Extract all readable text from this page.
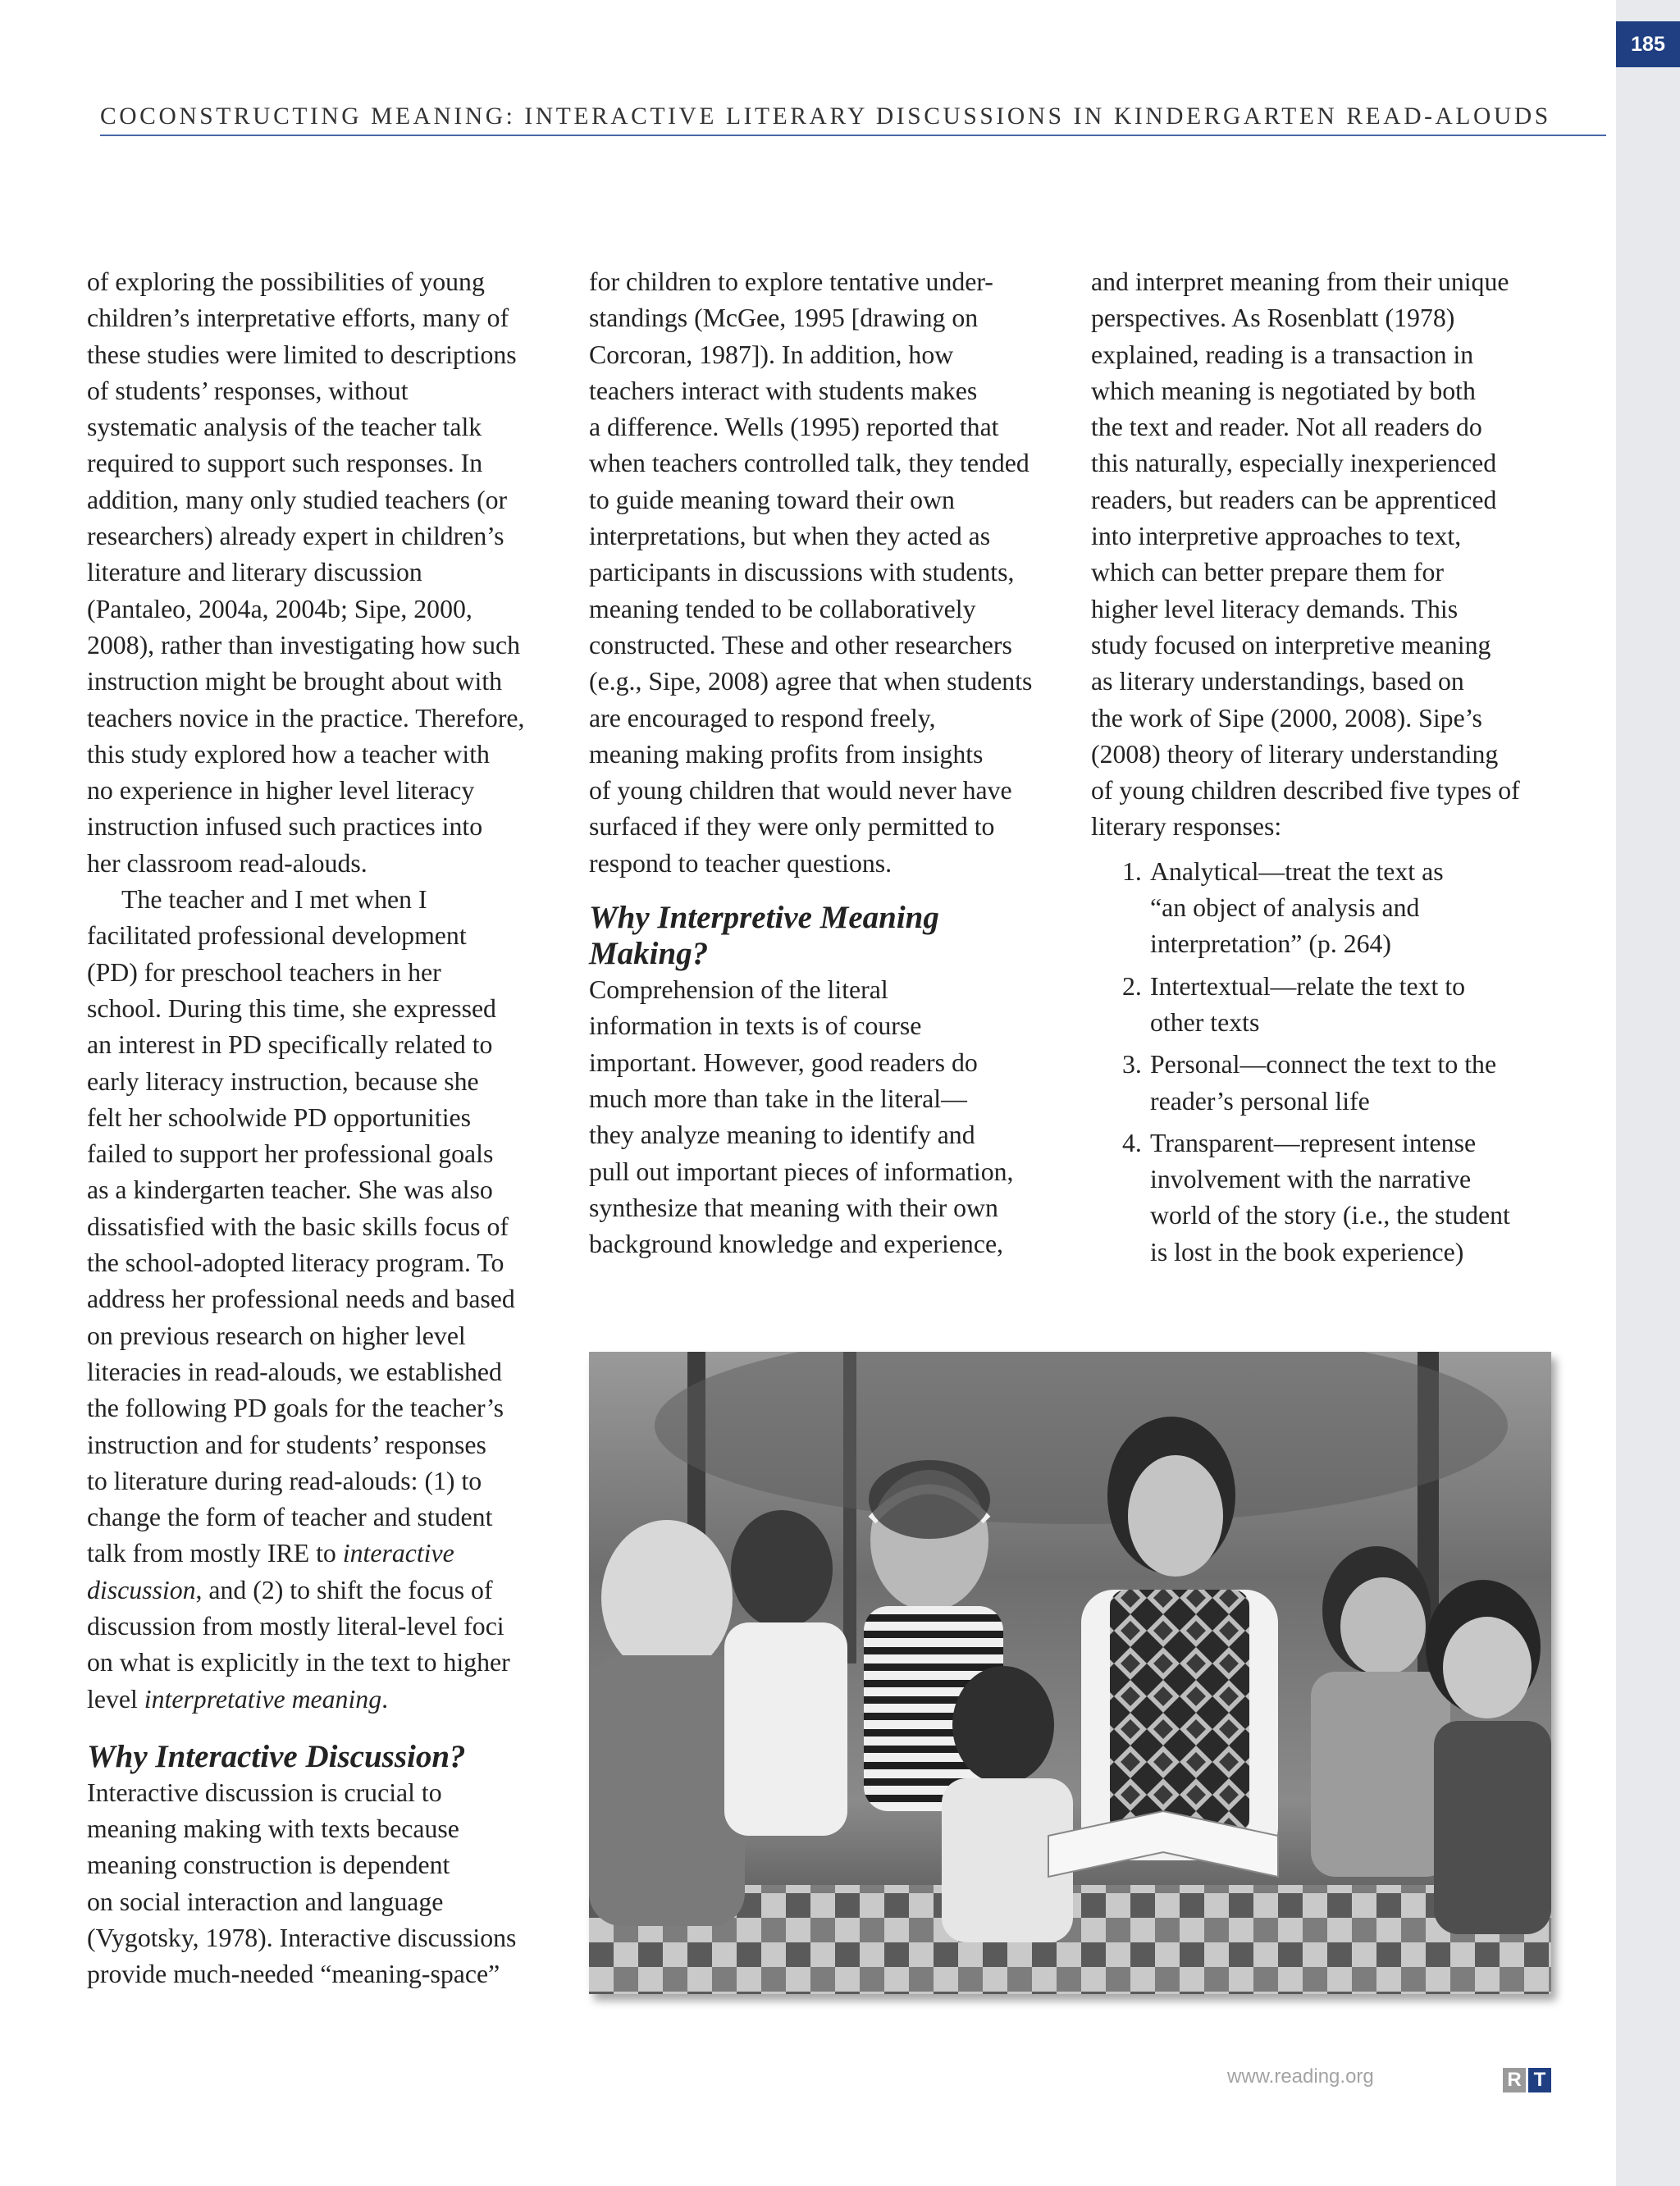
185
COCONSTRUCTING MEANING: INTERACTIVE LITERARY DISCUSSIONS IN KINDERGARTEN READ-ALOUDS

of exploring the possibilities of young
children’s interpretative efforts, many of
these studies were limited to descriptions
of students’ responses, without
systematic analysis of the teacher talk
required to support such responses. In
addition, many only studied teachers (or
researchers) already expert in children’s
literature and literary discussion
(Pantaleo, 2004a, 2004b; Sipe, 2000,
2008), rather than investigating how such
instruction might be brought about with
teachers novice in the practice. Therefore,
this study explored how a teacher with
no experience in higher level literacy
instruction infused such practices into
her classroom read-alouds.

The teacher and I met when I
facilitated professional development
(PD) for preschool teachers in her
school. During this time, she expressed
an interest in PD specifically related to
early literacy instruction, because she
felt her schoolwide PD opportunities
failed to support her professional goals
as a kindergarten teacher. She was also
dissatisfied with the basic skills focus of
the school-adopted literacy program. To
address her professional needs and based
on previous research on higher level
literacies in read-alouds, we established
the following PD goals for the teacher’s
instruction and for students’ responses
to literature during read-alouds: (1) to
change the form of teacher and student
talk from mostly IRE to interactive
discussion, and (2) to shift the focus of
discussion from mostly literal-level foci
on what is explicitly in the text to higher
level interpretative meaning.

Why Interactive Discussion?

Interactive discussion is crucial to
meaning making with texts because
meaning construction is dependent
on social interaction and language
(Vygotsky, 1978). Interactive discussions
provide much-needed “meaning-space”

for children to explore tentative under-
standings (McGee, 1995 [drawing on
Corcoran, 1987]). In addition, how
teachers interact with students makes
a difference. Wells (1995) reported that
when teachers controlled talk, they tended
to guide meaning toward their own
interpretations, but when they acted as
participants in discussions with students,
meaning tended to be collaboratively
constructed. These and other researchers
(e.g., Sipe, 2008) agree that when students
are encouraged to respond freely,
meaning making profits from insights
of young children that would never have
surfaced if they were only permitted to
respond to teacher questions.

Why Interpretive Meaning
Making?

Comprehension of the literal
information in texts is of course
important. However, good readers do
much more than take in the literal—
they analyze meaning to identify and
pull out important pieces of information,
synthesize that meaning with their own
background knowledge and experience,

and interpret meaning from their unique
perspectives. As Rosenblatt (1978)
explained, reading is a transaction in
which meaning is negotiated by both
the text and reader. Not all readers do
this naturally, especially inexperienced
readers, but readers can be apprenticed
into interpretive approaches to text,
which can better prepare them for
higher level literacy demands. This
study focused on interpretive meaning
as literary understandings, based on
the work of Sipe (2000, 2008). Sipe’s
(2008) theory of literary understanding
of young children described five types of
literary responses:

1. Analytical—treat the text as
“an object of analysis and
interpretation” (p. 264)
2. Intertextual—relate the text to
other texts
3. Personal—connect the text to the
reader’s personal life
4. Transparent—represent intense
involvement with the narrative
world of the story (i.e., the student
is lost in the book experience)
www.reading.org	R T
